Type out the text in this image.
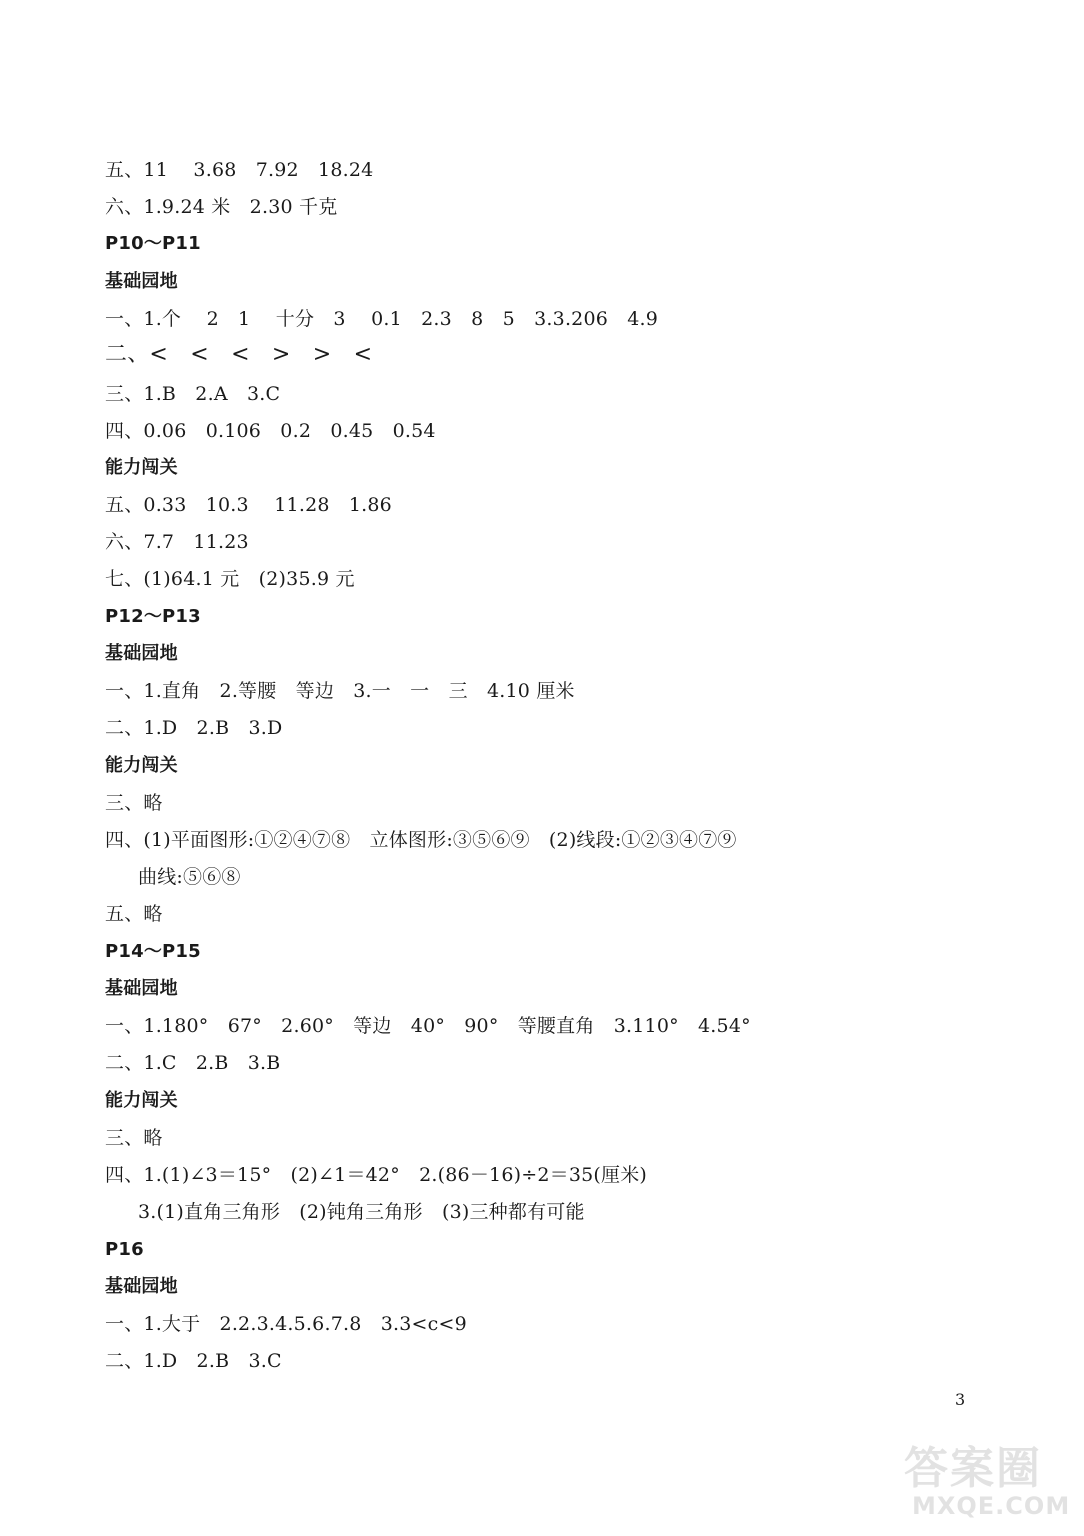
五、11　 3.68　7.92　18.24
六、1.9.24 米　2.30 千克
P10～P11
基础园地
一、1.个　 2　1　 十分　3　 0.1　2.3　8　5　3.3.206　4.9
二、<　<　<　>　>　<
三、1.B　2.A　3.C
四、0.06　0.106　0.2　0.45　0.54
能力闯关
五、0.33　10.3　 11.28　1.86
六、7.7　11.23
七、(1)64.1 元　(2)35.9 元
P12～P13
基础园地
一、1.直角　2.等腰　等边　3.一　一　三　4.10 厘米
二、1.D　2.B　3.D
能力闯关
三、略
四、(1)平面图形:①②④⑦⑧　立体图形:③⑤⑥⑨　(2)线段:①②③④⑦⑨
曲线:⑤⑥⑧
五、略
P14～P15
基础园地
一、1.180°　67°　2.60°　等边　40°　90°　等腰直角　3.110°　4.54°
二、1.C　2.B　3.B
能力闯关
三、略
四、1.(1)∠3＝15°　(2)∠1＝42°　2.(86－16)÷2＝35(厘米)
3.(1)直角三角形　(2)钝角三角形　(3)三种都有可能
P16
基础园地
一、1.大于　2.2.3.4.5.6.7.8　3.3<c<9
二、1.D　2.B　3.C
3
答案圈
MXQE.COM
